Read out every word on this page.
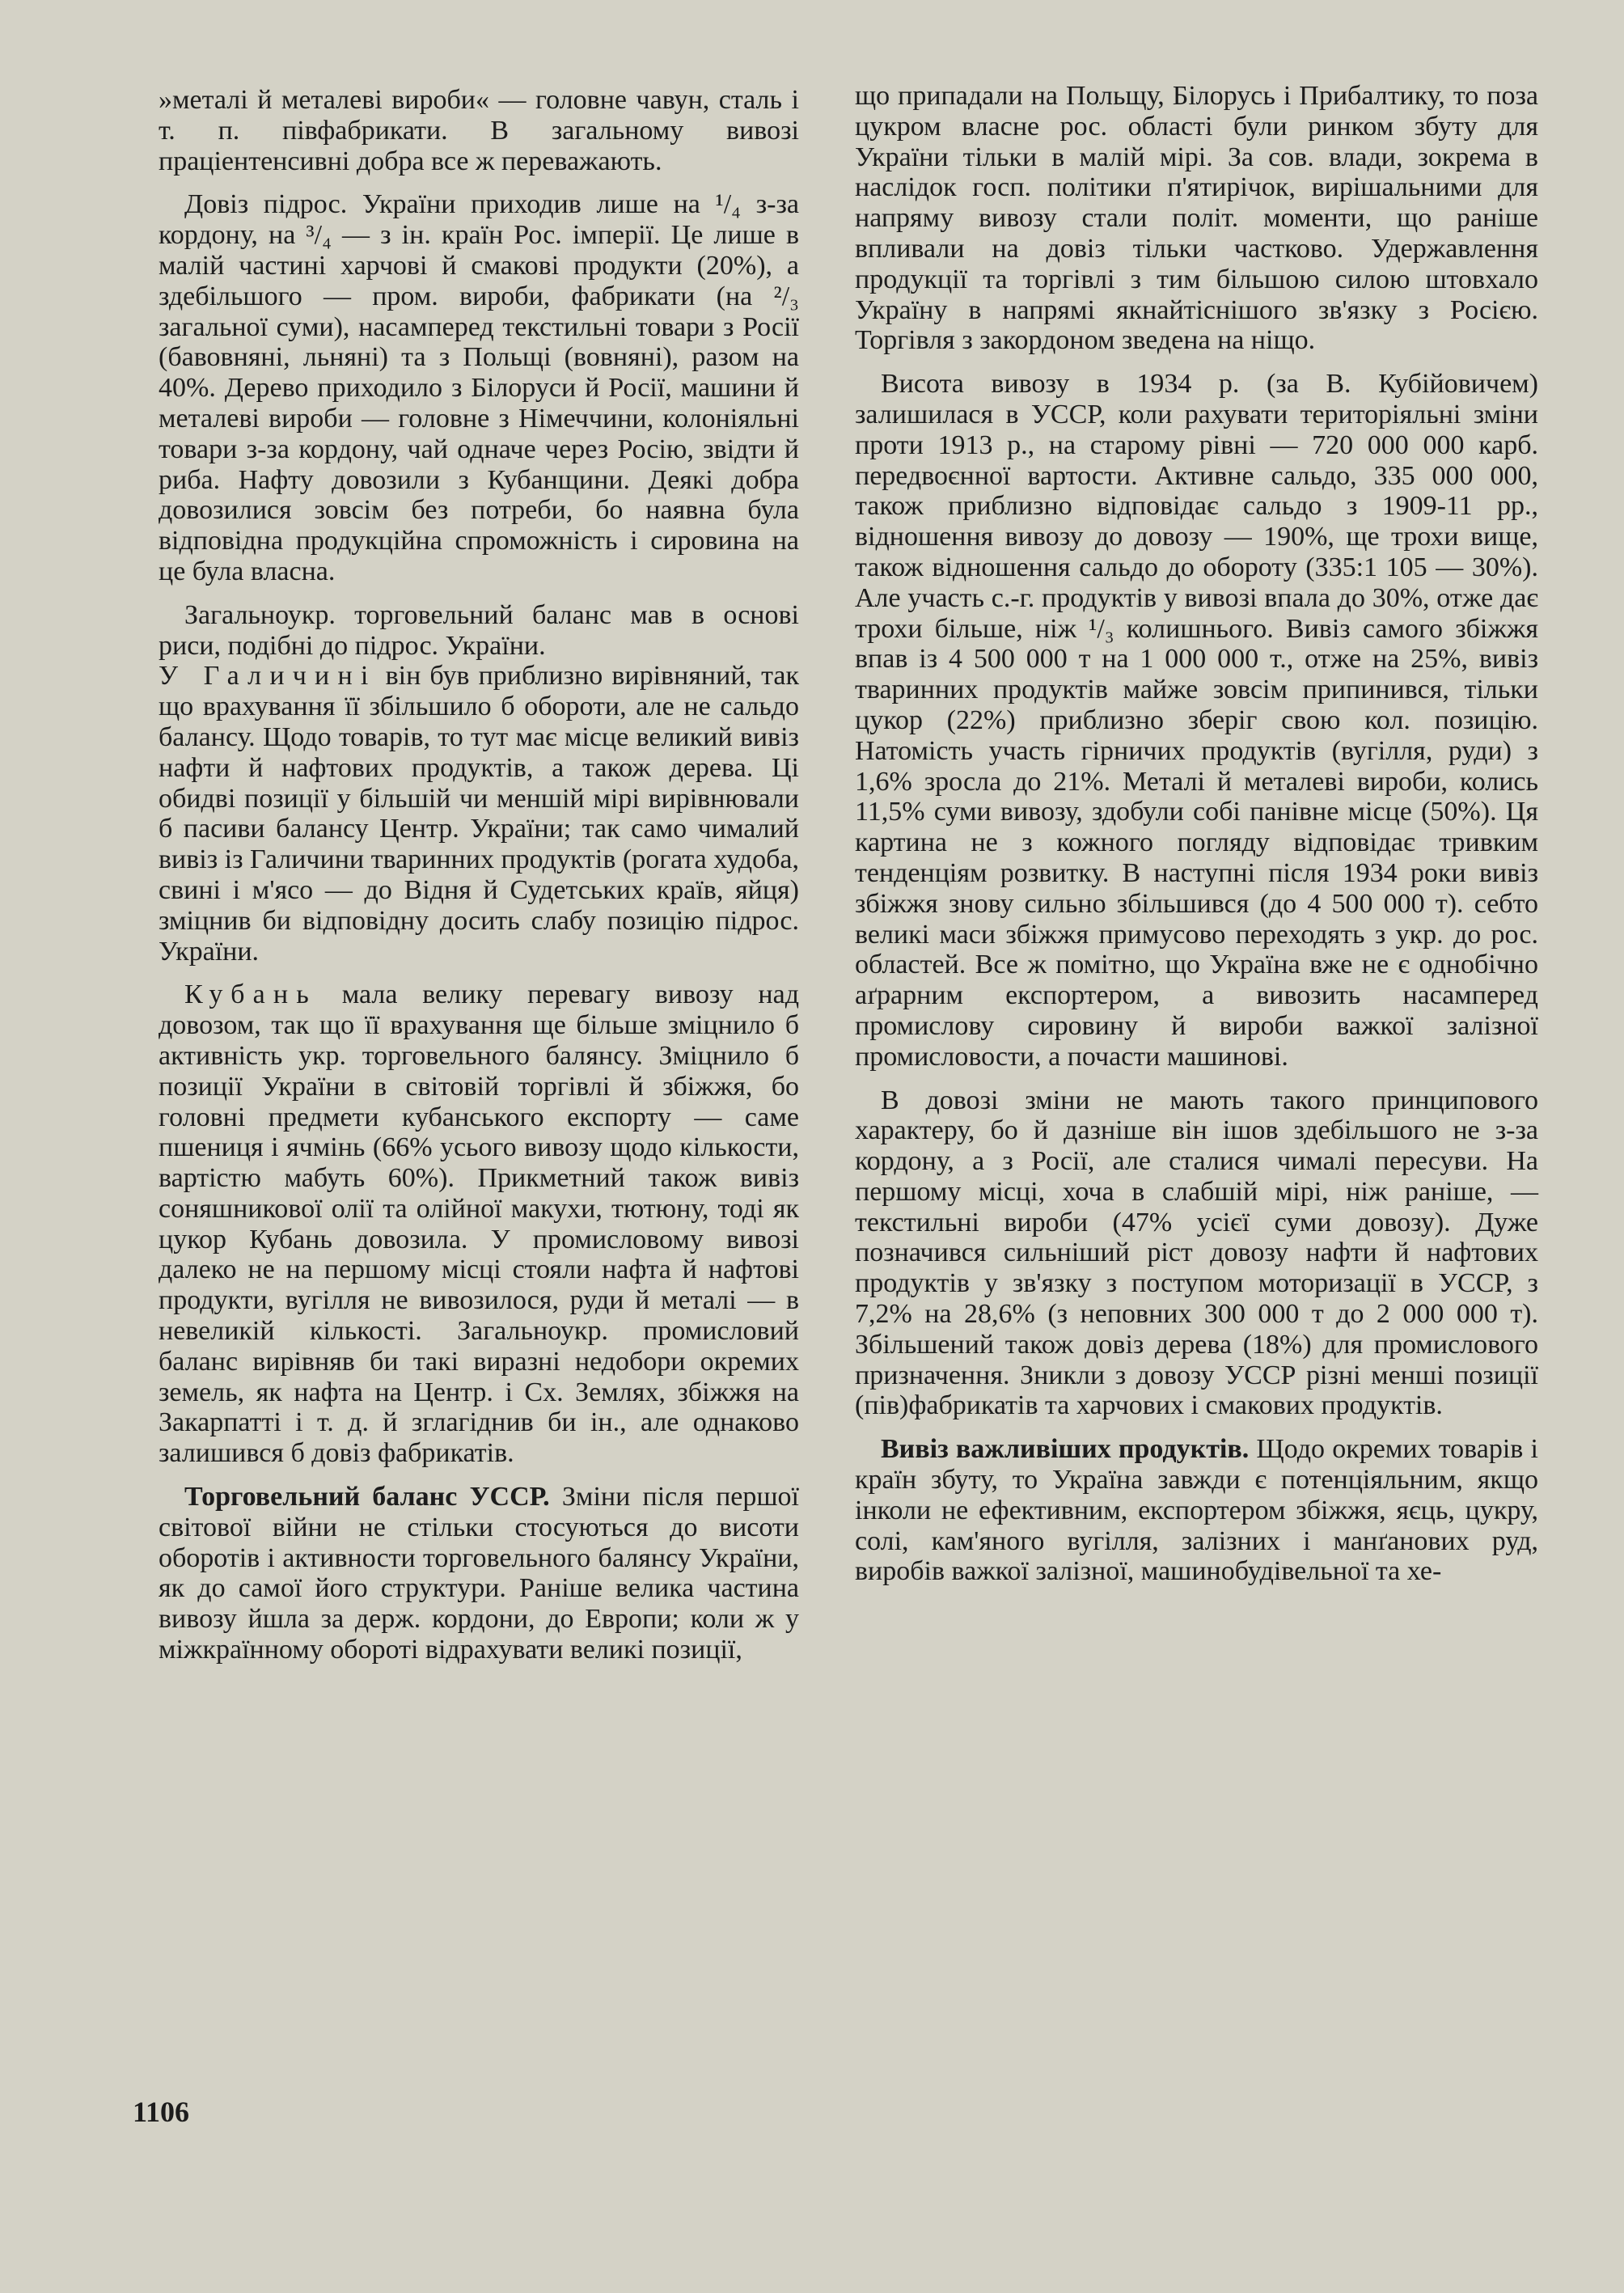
»металі й металеві вироби« — головне чавун, сталь і т. п. півфабрикати. В загальному вивозі праціентенсивні добра все ж переважають.

Довіз підрос. України приходив лише на ¹/₄ з-за кордону, на ³/₄ — з ін. країн Рос. імперії. Це лише в малій частині харчові й смакові продукти (20%), а здебільшого — пром. вироби, фабрикати (на ²/₃ загальної суми), насамперед текстильні товари з Росії (бавовняні, льняні) та з Польщі (вовняні), разом на 40%. Дерево приходило з Білоруси й Росії, машини й металеві вироби — головне з Німеччини, колоніяльні товари з-за кордону, чай одначе через Росію, звідти й риба. Нафту довозили з Кубанщини. Деякі добра довозилися зовсім без потреби, бо наявна була відповідна продукційна спроможність і сировина на це була власна.

Загальноукр. торговельний баланс мав в основі риси, подібні до підрос. України.

У Галичині він був приблизно вирівняний, так що врахування її збільшило б обороти, але не сальдо балансу. Щодо товарів, то тут має місце великий вивіз нафти й нафтових продуктів, а також дерева. Ці обидві позиції у більшій чи меншій мірі вирівнювали б пасиви балансу Центр. України; так само чималий вивіз із Галичини тваринних продуктів (рогата худоба, свині і м'ясо — до Відня й Судетських країв, яйця) зміцнив би відповідну досить слабу позицію підрос. України.

Кубань мала велику перевагу вивозу над довозом, так що її врахування ще більше зміцнило б активність укр. торговельного балянсу. Зміцнило б позиції України в світовій торгівлі й збіжжя, бо головні предмети кубанського експорту — саме пшениця і ячмінь (66% усього вивозу щодо кількости, вартістю мабуть 60%). Прикметний також вивіз соняшникової олії та олійної макухи, тютюну, тоді як цукор Кубань довозила. У промисловому вивозі далеко не на першому місці стояли нафта й нафтові продукти, вугілля не вивозилося, руди й металі — в невеликій кількості. Загальноукр. промисловий баланс вирівняв би такі виразні недобори окремих земель, як нафта на Центр. і Сх. Землях, збіжжя на Закарпатті і т. д. й зглагіднив би ін., але однаково залишився б довіз фабрикатів.

Торговельний баланс УССР. Зміни після першої світової війни не стільки стосуються до висоти оборотів і активности торговельного балянсу України, як до самої його структури. Раніше велика частина вивозу йшла за держ. кордони, до Европи; коли ж у міжкраїнному обороті відрахувати великі позиції,

що припадали на Польщу, Білорусь і Прибалтику, то поза цукром власне рос. області були ринком збуту для України тільки в малій мірі. За сов. влади, зокрема в наслідок госп. політики п'ятирічок, вирішальними для напряму вивозу стали політ. моменти, що раніше впливали на довіз тільки частково. Удержавлення продукції та торгівлі з тим більшою силою штовхало Україну в напрямі якнайтіснішого зв'язку з Росією. Торгівля з закордоном зведена на ніщо.

Висота вивозу в 1934 р. (за В. Кубійовичем) залишилася в УССР, коли рахувати територіяльні зміни проти 1913 р., на старому рівні — 720 000 000 карб. передвоєнної вартости. Активне сальдо, 335 000 000, також приблизно відповідає сальдо з 1909-11 рр., відношення вивозу до довозу — 190%, ще трохи вище, також відношення сальдо до обороту (335:1 105 — 30%). Але участь с.-г. продуктів у вивозі впала до 30%, отже дає трохи більше, ніж ¹/₃ колишнього. Вивіз самого збіжжя впав із 4 500 000 т на 1 000 000 т., отже на 25%, вивіз тваринних продуктів майже зовсім припинився, тільки цукор (22%) приблизно зберіг свою кол. позицію. Натомість участь гірничих продуктів (вугілля, руди) з 1,6% зросла до 21%. Металі й металеві вироби, колись 11,5% суми вивозу, здобули собі панівне місце (50%). Ця картина не з кожного погляду відповідає тривким тенденціям розвитку. В наступні після 1934 роки вивіз збіжжя знову сильно збільшився (до 4 500 000 т). себто великі маси збіжжя примусово переходять з укр. до рос. областей. Все ж помітно, що Україна вже не є однобічно аґрарним експортером, а вивозить насамперед промислову сировину й вироби важкої залізної промисловости, а почасти машинові.

В довозі зміни не мають такого принципового характеру, бо й дазніше він ішов здебільшого не з-за кордону, а з Росії, але сталися чималі пересуви. На першому місці, хоча в слабшій мірі, ніж раніше, — текстильні вироби (47% усієї суми довозу). Дуже позначився сильніший ріст довозу нафти й нафтових продуктів у зв'язку з поступом моторизації в УССР, з 7,2% на 28,6% (з неповних 300 000 т до 2 000 000 т). Збільшений також довіз дерева (18%) для промислового призначення. Зникли з довозу УССР різні менші позиції (пів)фабрикатів та харчових і смакових продуктів.

Вивіз важливіших продуктів. Щодо окремих товарів і країн збуту, то Україна завжди є потенціяльним, якщо інколи не ефективним, експортером збіжжя, яєць, цукру, солі, кам'яного вугілля, залізних і манґанових руд, виробів важкої залізної, машинобудівельної та хе-

1106
